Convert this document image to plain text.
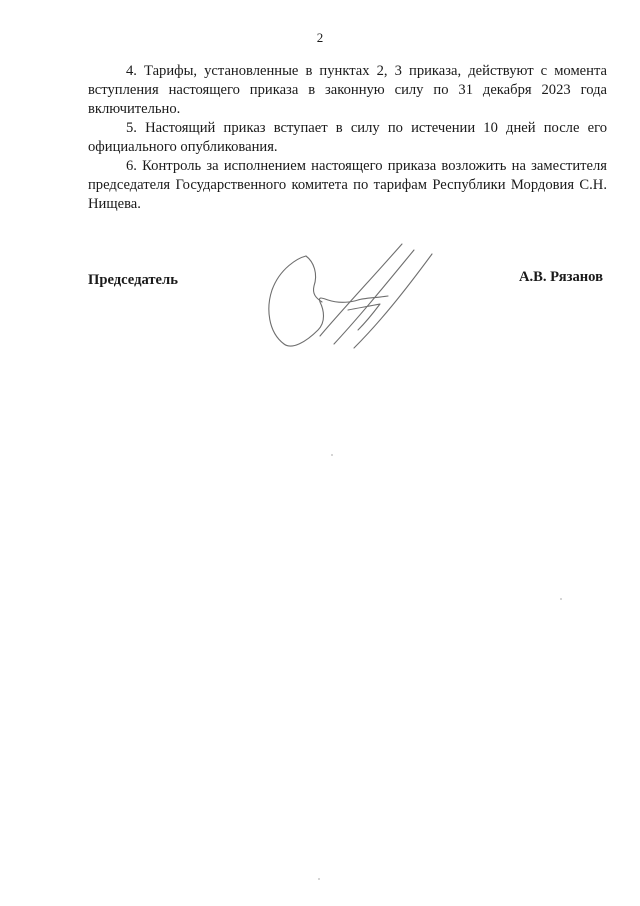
2

4. Тарифы, установленные в пунктах 2, 3 приказа, действуют с момента вступления настоящего приказа в законную силу по 31 декабря 2023 года включительно.

5. Настоящий приказ вступает в силу по истечении 10 дней после его официального опубликования.

6. Контроль за исполнением настоящего приказа возложить на заместителя председателя Государственного комитета по тарифам Республики Мордовия С.Н. Нищева.

Председатель	А.В. Рязанов
